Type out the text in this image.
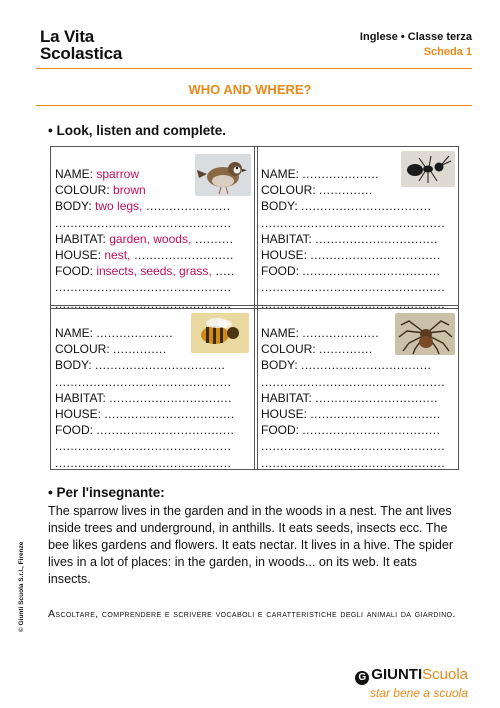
La Vita
Scolastica
Inglese • Classe terza
Scheda 1
WHO AND WHERE?
• Look, listen and complete.
NAME: sparrow
COLOUR: brown
BODY: two legs, ......................
..............................................
HABITAT: garden, woods, ..........
HOUSE: nest, ..........................
FOOD: insects, seeds, grass, .....
..............................................
..............................................
NAME: ....................
COLOUR: ..............
BODY: ..................................
................................................
HABITAT: ................................
HOUSE: ..................................
FOOD: ....................................
................................................
................................................
NAME: ....................
COLOUR: ..............
BODY: ..................................
..............................................
HABITAT: ................................
HOUSE: ..................................
FOOD: ....................................
..............................................
..............................................
NAME: ....................
COLOUR: ..............
BODY: ..................................
................................................
HABITAT: ................................
HOUSE: ..................................
FOOD: ....................................
................................................
................................................
• Per l'insegnante:
The sparrow lives in the garden and in the woods in a nest. The ant lives inside trees and underground, in anthills. It eats seeds, insects ecc. The bee likes gardens and flowers. It eats nectar. It lives in a hive. The spider lives in a lot of places: in the garden, in woods... on its web. It eats insects.
Ascoltare, comprendere e scrivere vocaboli e caratteristiche degli animali da giardino.
© Giunti Scuola S.r.l., Firenze
G GIUNTIScuola
star bene a scuola
